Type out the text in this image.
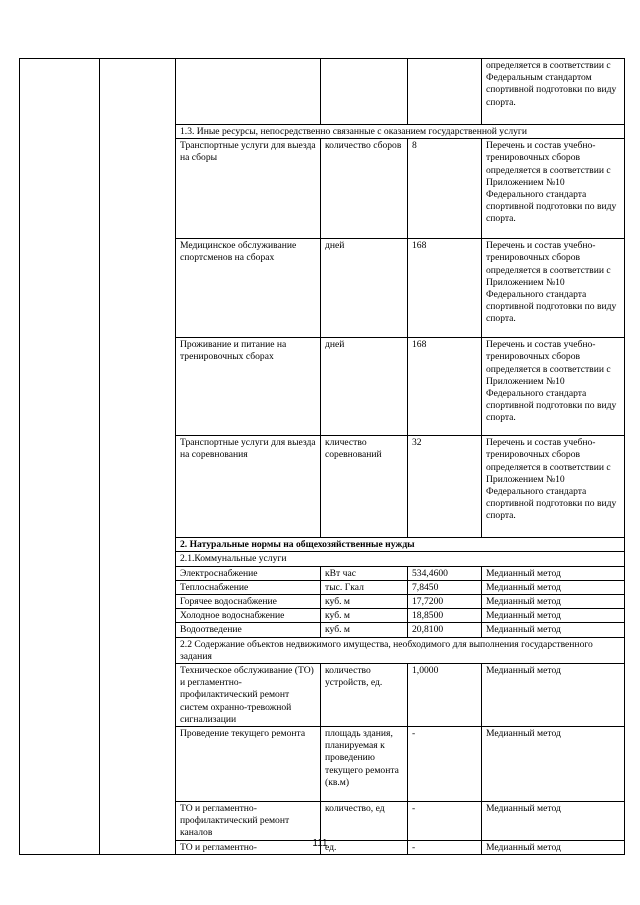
					определяется в соответствии с Федеральным стандартом спортивной подготовки по виду спорта.
		1.3. Иные ресурсы, непосредственно связанные с оказанием государственной услуги			
		Транспортные услуги для выезда на сборы	количество сборов	8	Перечень и состав учебно-тренировочных сборов определяется в соответствии с Приложением №10 Федерального стандарта спортивной подготовки по виду спорта.
		Медицинское обслуживание спортсменов на сборах	дней	168	Перечень и состав учебно-тренировочных сборов определяется в соответствии с Приложением №10 Федерального стандарта спортивной подготовки по виду спорта.
		Проживание и питание на тренировочных сборах	дней	168	Перечень и состав учебно-тренировочных сборов определяется в соответствии с Приложением №10 Федерального стандарта спортивной подготовки по виду спорта.
		Транспортные услуги для выезда на соревнования	кличество соревнований	32	Перечень и состав учебно-тренировочных сборов определяется в соответствии с Приложением №10 Федерального стандарта спортивной подготовки по виду спорта.
		2. Натуральные нормы на общехозяйственные нужды			
		2.1.Коммунальные услуги			
		Электроснабжение	кВт час	534,4600	Медианный метод
		Теплоснабжение	тыс. Гкал	7,8450	Медианный метод
		Горячее водоснабжение	куб. м	17,7200	Медианный метод
		Холодное водоснабжение	куб. м	18,8500	Медианный метод
		Водоотведение	куб. м	20,8100	Медианный метод
		2.2 Содержание объектов недвижимого имущества, необходимого для выполнения государственного задания			
		Техническое обслуживание (ТО) и регламентно-профилактический ремонт систем охранно-тревожной сигнализации	количество устройств, ед.	1,0000	Медианный метод
		Проведение текущего ремонта	площадь здания, планируемая к проведению текущего ремонта (кв.м)	-	Медианный метод
		ТО и регламентно-профилактический ремонт каналов	количество, ед	-	Медианный метод
		ТО и регламентно-	ед.	-	Медианный метод
111
